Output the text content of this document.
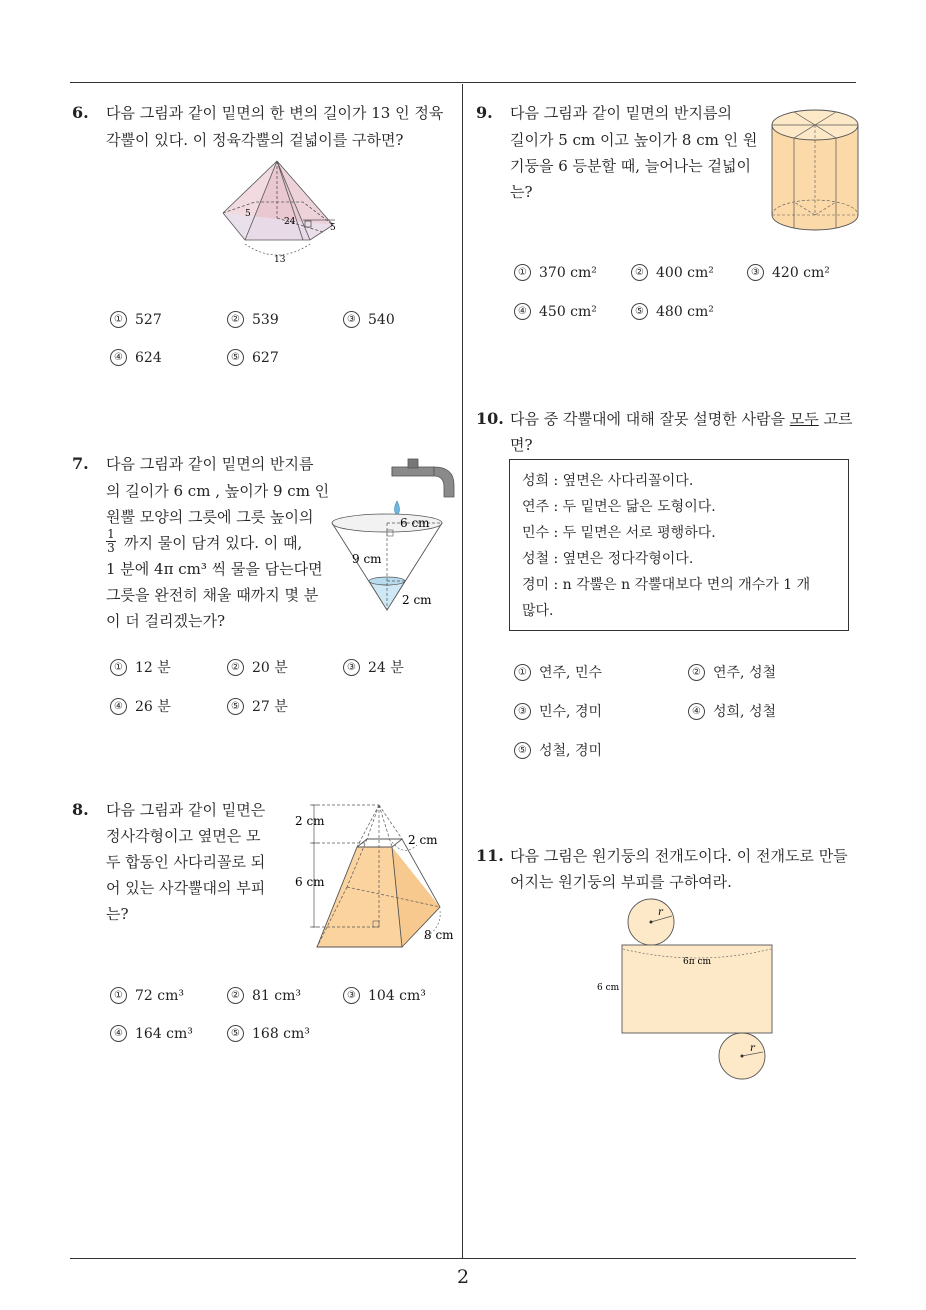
2
6. 다음 그림과 같이 밑면의 한 변의 길이가 13 인 정육
각뿔이 있다. 이 정육각뿔의 겉넓이를 구하면?
5
24
5
13
① 527	② 539	③ 540
④ 624	⑤ 627
7. 다음 그림과 같이 밑면의 반지름
의 길이가 6 cm , 높이가 9 cm 인
원뿔 모양의 그릇에 그릇 높이의
$\frac{1}{3}$ 까지 물이 담겨 있다. 이 때,
1 분에 4π cm³ 씩 물을 담는다면
그릇을 완전히 채울 때까지 몇 분
이 더 걸리겠는가?
6 cm
9 cm
2 cm
① 12 분	② 20 분	③ 24 분
④ 26 분	⑤ 27 분
8. 다음 그림과 같이 밑면은
정사각형이고 옆면은 모
두 합동인 사다리꼴로 되
어 있는 사각뿔대의 부피
는?
2 cm
2 cm
6 cm
8 cm
① 72 cm³	② 81 cm³	③ 104 cm³
④ 164 cm³	⑤ 168 cm³
9. 다음 그림과 같이 밑면의 반지름의
길이가 5 cm 이고 높이가 8 cm 인 원
기둥을 6 등분할 때, 늘어나는 겉넓이
는?
① 370 cm²	② 400 cm²	③ 420 cm²
④ 450 cm²	⑤ 480 cm²
10. 다음 중 각뿔대에 대해 잘못 설명한 사람을 모두 고르
면?
성희 : 옆면은 사다리꼴이다.
연주 : 두 밑면은 닮은 도형이다.
민수 : 두 밑면은 서로 평행하다.
성철 : 옆면은 정다각형이다.
경미 : n 각뿔은 n 각뿔대보다 면의 개수가 1 개
많다.
① 연주, 민수	② 연주, 성철
③ 민수, 경미	④ 성희, 성철
⑤ 성철, 경미
11. 다음 그림은 원기둥의 전개도이다. 이 전개도로 만들
어지는 원기둥의 부피를 구하여라.
r
6π cm
6 cm
r
